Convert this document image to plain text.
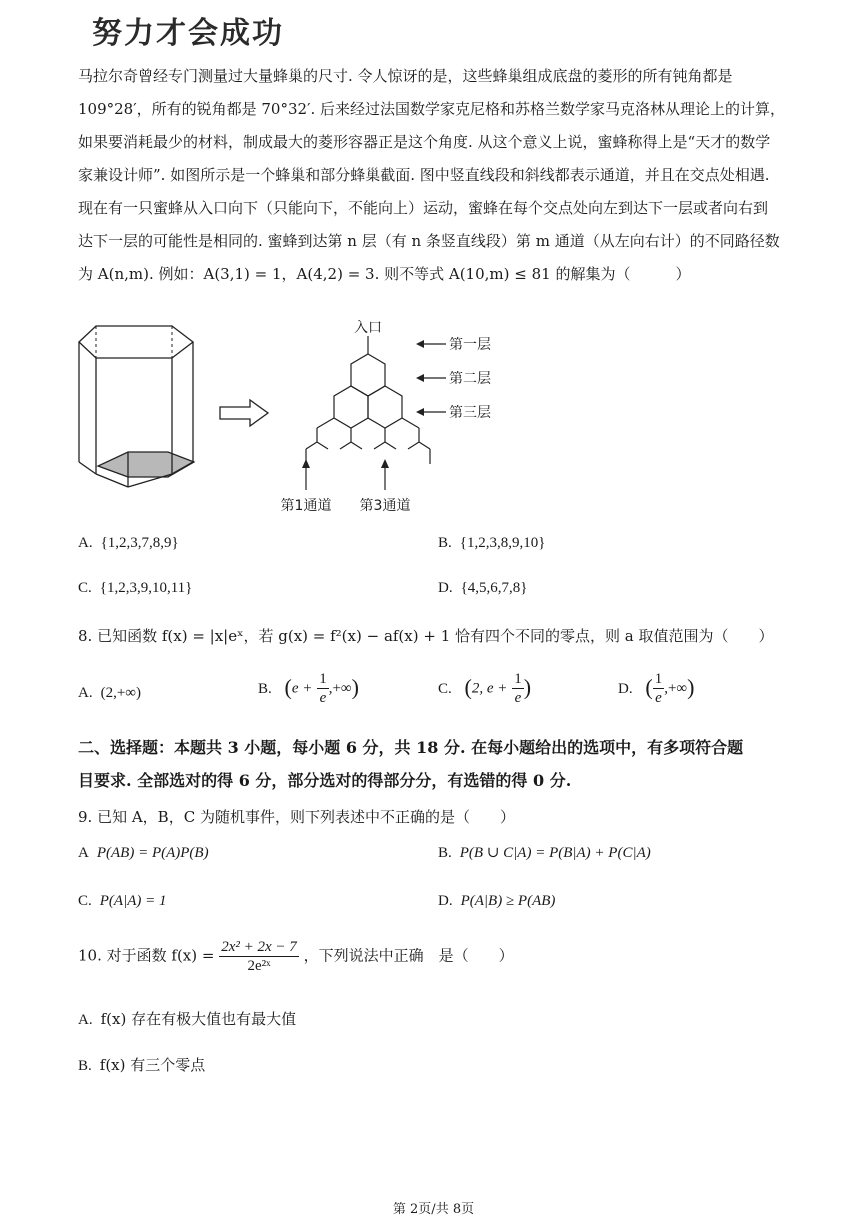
努力才会成功
马拉尔奇曾经专门测量过大量蜂巢的尺寸. 令人惊讶的是，这些蜂巢组成底盘的菱形的所有钝角都是
109°28′，所有的锐角都是 70°32′. 后来经过法国数学家克尼格和苏格兰数学家马克洛林从理论上的计算，
如果要消耗最少的材料，制成最大的菱形容器正是这个角度. 从这个意义上说，蜜蜂称得上是“天才的数学
家兼设计师”. 如图所示是一个蜂巢和部分蜂巢截面. 图中竖直线段和斜线都表示通道，并且在交点处相遇.
现在有一只蜜蜂从入口向下（只能向下，不能向上）运动，蜜蜂在每个交点处向左到达下一层或者向右到
达下一层的可能性是相同的. 蜜蜂到达第 n 层（有 n 条竖直线段）第 m 通道（从左向右计）的不同路径数
为 A(n,m). 例如：A(3,1) = 1，A(4,2) = 3. 则不等式 A(10,m) ≤ 81 的解集为（　　　）
入口
第一层
第二层
第三层
第1通道 第3通道
A. {1,2,3,7,8,9}	B. {1,2,3,8,9,10}
C. {1,2,3,9,10,11}	D. {4,5,6,7,8}
8. 已知函数 f(x) = |x|eˣ，若 g(x) = f²(x) − af(x) + 1 恰有四个不同的零点，则 a 取值范围为（　　）
A. (2,+∞)	B. ($e + \frac{1}{e}$ ,+∞)	C. (2, $e + \frac{1}{e}$ )	D. ( $\frac{1}{e}$ ,+∞)
二、选择题：本题共 3 小题，每小题 6 分，共 18 分. 在每小题给出的选项中，有多项符合题
目要求. 全部选对的得 6 分，部分选对的得部分分，有选错的得 0 分.
9. 已知 A，B，C 为随机事件，则下列表述中不正确的是（　　）
A P(AB) = P(A)P(B)	B. P(B ∪ C|A) = P(B|A) + P(C|A)
C. P(A|A) = 1	D. P(A|B) ≥ P(AB)
10. 对于函数 $f(x) = \frac{\text{2x² + 2x − 7}}{\text{2e²ˣ}}$ ，下列说法中正确　是（　　）
A. f(x) 存在有极大值也有最大值
B. f(x) 有三个零点
第 2页/共 8页
